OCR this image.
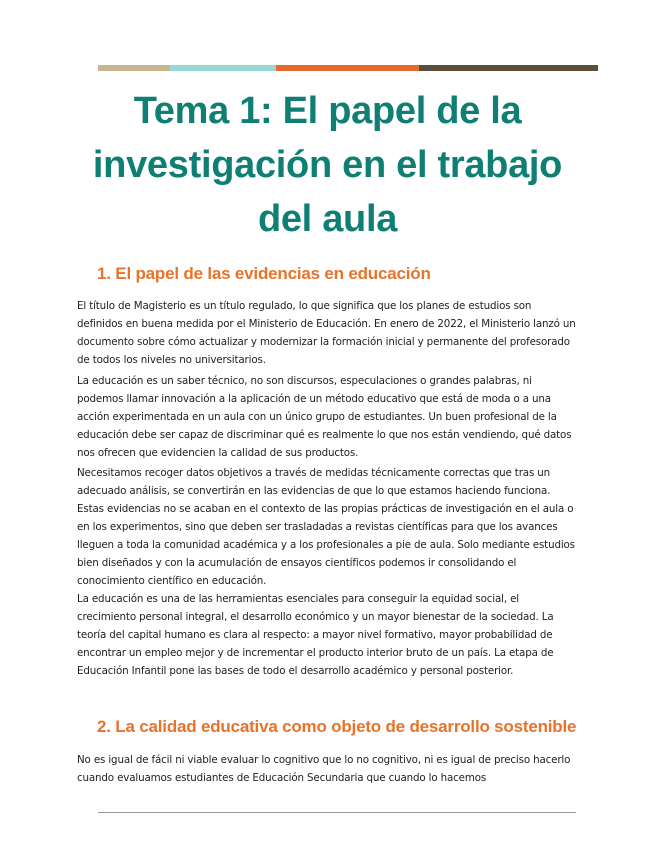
Tema 1: El papel de la
investigación en el trabajo
del aula
1. El papel de las evidencias en educación

El título de Magisterio es un título regulado, lo que significa que los planes de estudios son definidos en buena medida por el Ministerio de Educación. En enero de 2022, el Ministerio lanzó un documento sobre cómo actualizar y modernizar la formación inicial y permanente del profesorado de todos los niveles no universitarios.

La educación es un saber técnico, no son discursos, especulaciones o grandes palabras, ni podemos llamar innovación a la aplicación de un método educativo que está de moda o a una acción experimentada en un aula con un único grupo de estudiantes. Un buen profesional de la educación debe ser capaz de discriminar qué es realmente lo que nos están vendiendo, qué datos nos ofrecen que evidencien la calidad de sus productos.

Necesitamos recoger datos objetivos a través de medidas técnicamente correctas que tras un adecuado análisis, se convertirán en las evidencias de que lo que estamos haciendo funciona. Estas evidencias no se acaban en el contexto de las propias prácticas de investigación en el aula o en los experimentos, sino que deben ser trasladadas a revistas científicas para que los avances lleguen a toda la comunidad académica y a los profesionales a pie de aula. Solo mediante estudios bien diseñados y con la acumulación de ensayos científicos podemos ir consolidando el conocimiento científico en educación.

La educación es una de las herramientas esenciales para conseguir la equidad social, el crecimiento personal integral, el desarrollo económico y un mayor bienestar de la sociedad. La teoría del capital humano es clara al respecto: a mayor nivel formativo, mayor probabilidad de encontrar un empleo mejor y de incrementar el producto interior bruto de un país. La etapa de Educación Infantil pone las bases de todo el desarrollo académico y personal posterior.

2. La calidad educativa como objeto de desarrollo sostenible

No es igual de fácil ni viable evaluar lo cognitivo que lo no cognitivo, ni es igual de preciso hacerlo cuando evaluamos estudiantes de Educación Secundaria que cuando lo hacemos
